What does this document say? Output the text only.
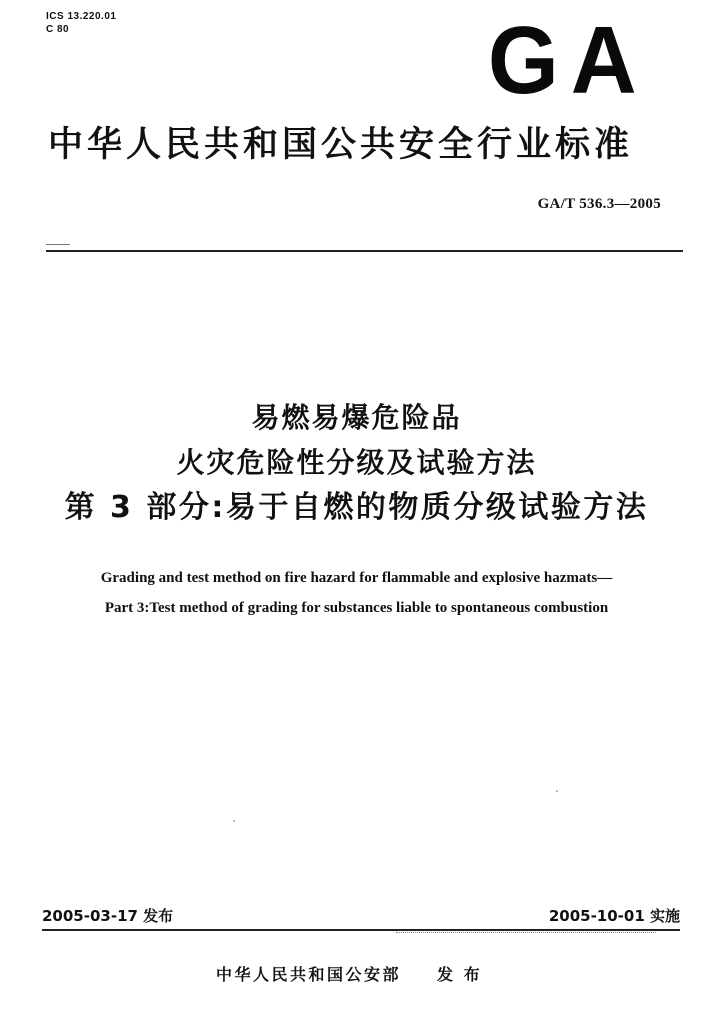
ICS 13.220.01
C 80	G A
中华人民共和国公共安全行业标准
GA/T 536.3—2005
易燃易爆危险品
火灾危险性分级及试验方法
第 3 部分:易于自燃的物质分级试验方法
Grading and test method on fire hazard for flammable and explosive hazmats—
Part 3:Test method of grading for substances liable to spontaneous combustion
2005-03-17 发布	2005-10-01 实施
中华人民共和国公安部 发 布
